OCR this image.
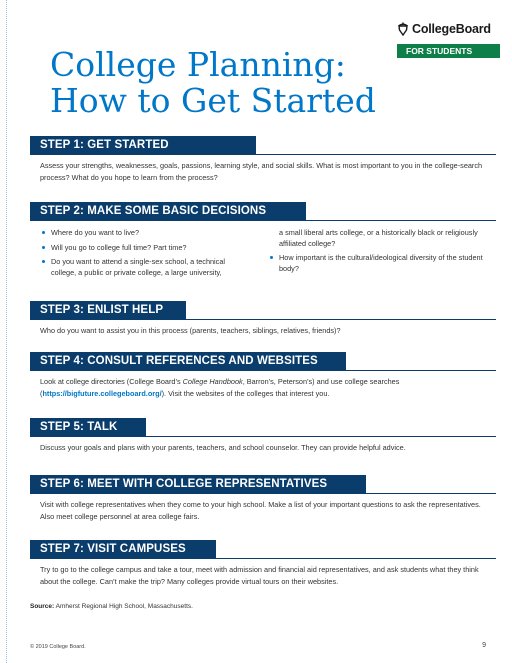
CollegeBoard
FOR STUDENTS
College Planning:
How to Get Started
STEP 1: GET STARTED

Assess your strengths, weaknesses, goals, passions, learning style, and social skills. What is most important to you in the college-search process? What do you hope to learn from the process?

STEP 2: MAKE SOME BASIC DECISIONS
Where do you want to live?
Will you go to college full time? Part time?
Do you want to attend a single-sex school, a technical college, a public or private college, a large university,
a small liberal arts college, or a historically black or religiously affiliated college?
How important is the cultural/ideological diversity of the student body?
STEP 3: ENLIST HELP

Who do you want to assist you in this process (parents, teachers, siblings, relatives, friends)?

STEP 4: CONSULT REFERENCES AND WEBSITES

Look at college directories (College Board’s College Handbook, Barron’s, Peterson’s) and use college searches (https://bigfuture.collegeboard.org/). Visit the websites of the colleges that interest you.

STEP 5: TALK

Discuss your goals and plans with your parents, teachers, and school counselor. They can provide helpful advice.

STEP 6: MEET WITH COLLEGE REPRESENTATIVES

Visit with college representatives when they come to your high school. Make a list of your important questions to ask the representatives. Also meet college personnel at area college fairs.

STEP 7: VISIT CAMPUSES

Try to go to the college campus and take a tour, meet with admission and financial aid representatives, and ask students what they think about the college. Can’t make the trip? Many colleges provide virtual tours on their websites.

Source: Amherst Regional High School, Massachusetts.

© 2019 College Board.	9
